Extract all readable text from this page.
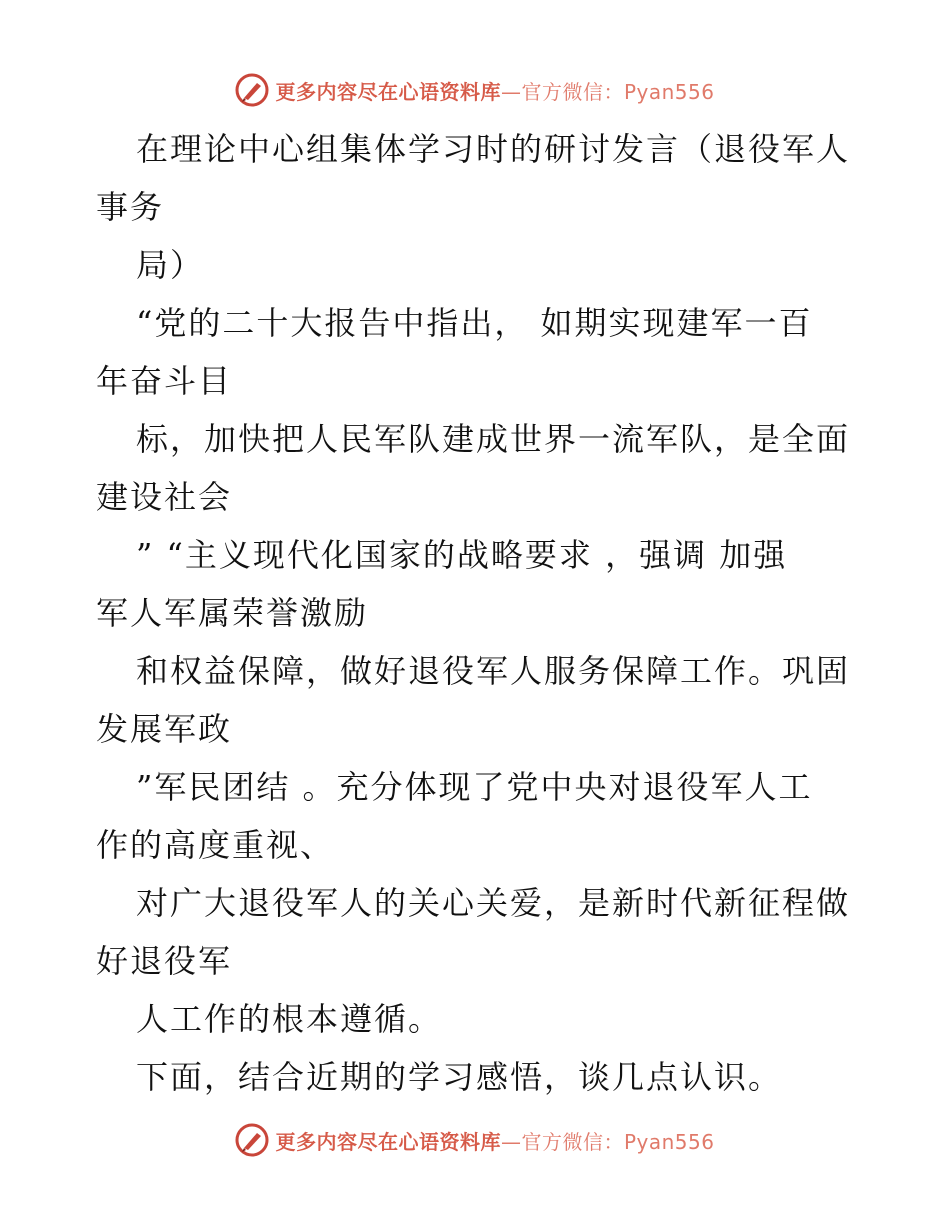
更多内容尽在心语资料库—官方微信：Pyan556
在理论中心组集体学习时的研讨发言（退役军人
事务
局）
“党的二十大报告中指出， 如期实现建军一百
年奋斗目
标，加快把人民军队建成世界一流军队，是全面
建设社会
” “主义现代化国家的战略要求 ，强调 加强
军人军属荣誉激励
和权益保障，做好退役军人服务保障工作。巩固
发展军政
”军民团结 。充分体现了党中央对退役军人工
作的高度重视、
对广大退役军人的关心关爱，是新时代新征程做
好退役军
人工作的根本遵循。
下面，结合近期的学习感悟，谈几点认识。
更多内容尽在心语资料库—官方微信：Pyan556
